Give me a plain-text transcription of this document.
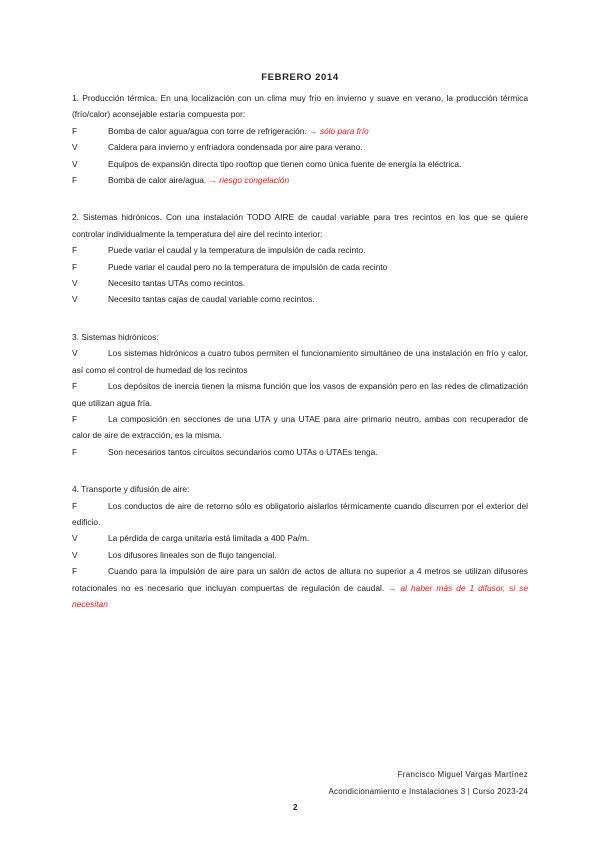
FEBRERO 2014

1. Producción térmica. En una localización con un clima muy frío en invierno y suave en verano, la producción térmica (frío/calor) aconsejable estaría compuesta por:

F	Bomba de calor agua/agua con torre de refrigeración. → sólo para frío

V	Caldera para invierno y enfriadora condensada por aire para verano.

V	Equipos de expansión directa tipo rooftop que tienen como única fuente de energía la eléctrica.

F	Bomba de calor aire/agua. → riesgo congelación

2. Sistemas hidrónicos. Con una instalación TODO AIRE de caudal variable para tres recintos en los que se quiere controlar individualmente la temperatura del aire del recinto interior:

F	Puede variar el caudal y la temperatura de impulsión de cada recinto.

F	Puede variar el caudal pero no la temperatura de impulsión de cada recinto

V	Necesito tantas UTAs como recintos.

V	Necesito tantas cajas de caudal variable como recintos.

3. Sistemas hidrónicos:

V	Los sistemas hidrónicos a cuatro tubos permiten el funcionamiento simultáneo de una instalación en frío y calor, así como el control de humedad de los recintos

F	Los depósitos de inercia tienen la misma función que los vasos de expansión pero en las redes de climatización que utilizan agua fría.

F	La composición en secciones de una UTA y una UTAE para aire primario neutro, ambas con recuperador de calor de aire de extracción, es la misma.

F	Son necesarios tantos circuitos secundarios como UTAs o UTAEs tenga.

4. Transporte y difusión de aire:

F	Los conductos de aire de retorno sólo es obligatorio aislarlos térmicamente cuando discurren por el exterior del edificio.

V	La pérdida de carga unitaria está limitada a 400 Pa/m.

V	Los difusores lineales son de flujo tangencial.

F	Cuando para la impulsión de aire para un salón de actos de altura no superior a 4 metros se utilizan difusores rotacionales no es necesario que incluyan compuertas de regulación de caudal. → al haber más de 1 difusor, si se necesitan

Francisco Miguel Vargas Martínez
Acondicionamiento e Instalaciones 3 | Curso 2023-24
2
